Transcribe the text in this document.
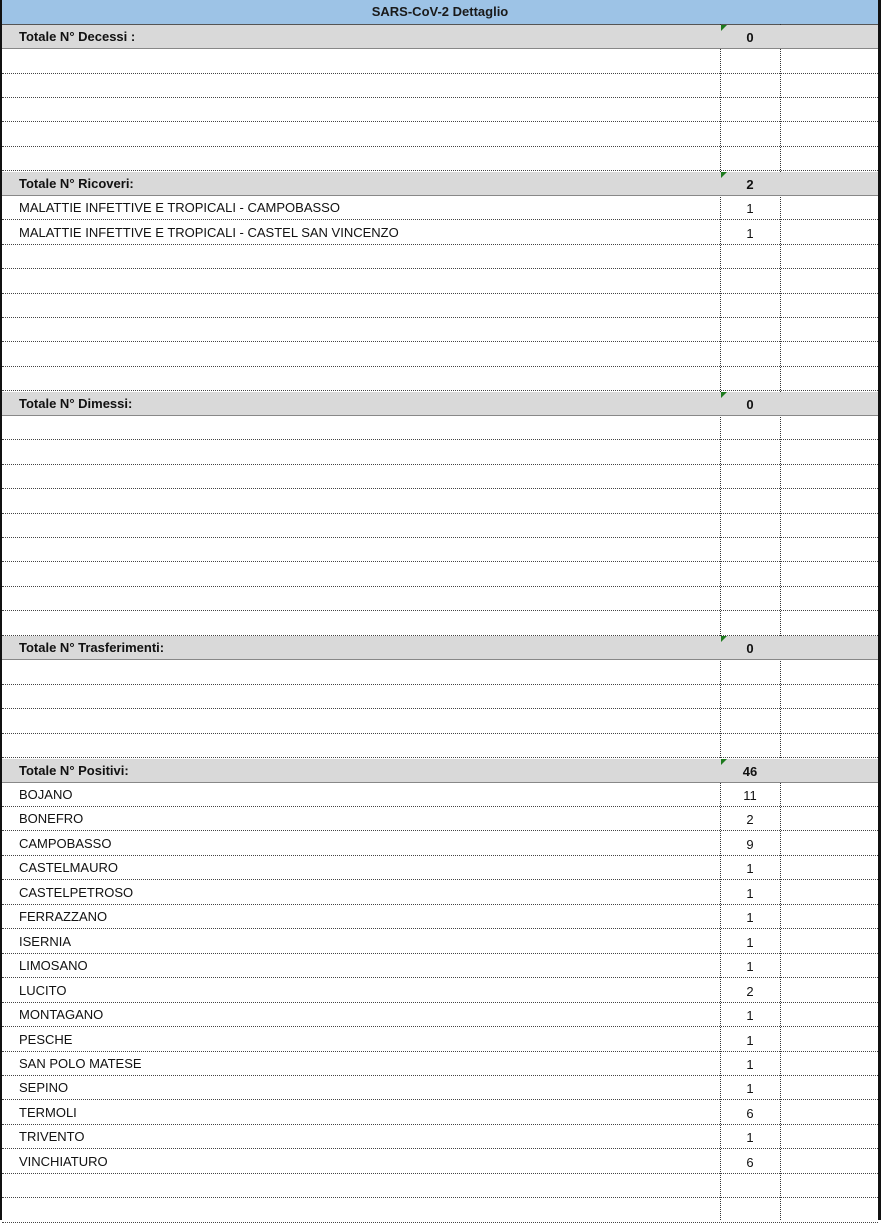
SARS-CoV-2 Dettaglio
Totale N° Decessi :	0
Totale N° Ricoveri:	2
MALATTIE INFETTIVE E TROPICALI - CAMPOBASSO	1
MALATTIE INFETTIVE E TROPICALI - CASTEL SAN VINCENZO	1
Totale N° Dimessi:	0
Totale N° Trasferimenti:	0
Totale N° Positivi:	46
BOJANO	11
BONEFRO	2
CAMPOBASSO	9
CASTELMAURO	1
CASTELPETROSO	1
FERRAZZANO	1
ISERNIA	1
LIMOSANO	1
LUCITO	2
MONTAGANO	1
PESCHE	1
SAN POLO MATESE	1
SEPINO	1
TERMOLI	6
TRIVENTO	1
VINCHIATURO	6
